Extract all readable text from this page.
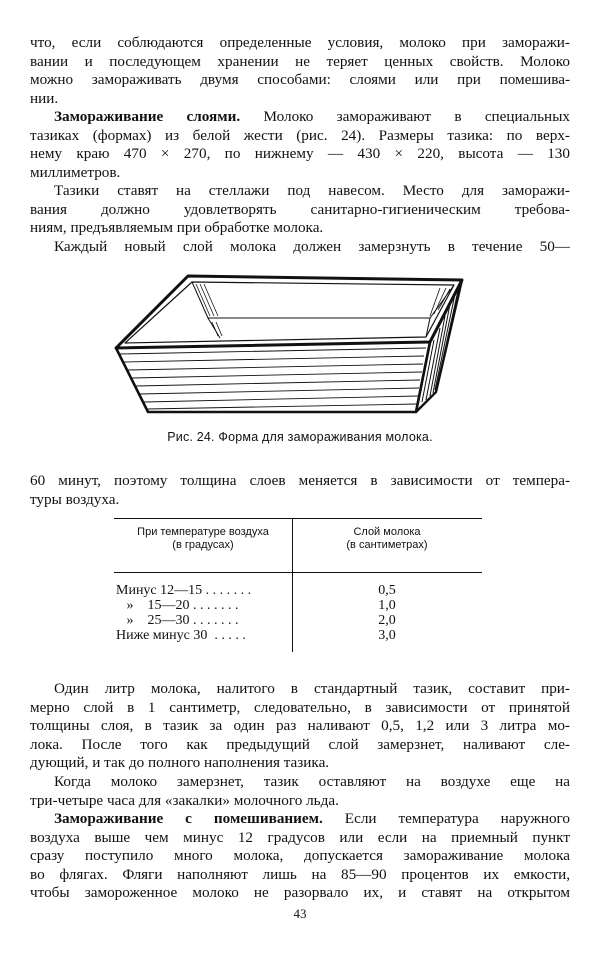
что, если соблюдаются определенные условия, молоко при заморажи-
вании и последующем хранении не теряет ценных свойств. Молоко
можно замораживать двумя способами: слоями или при помешива-
нии.
Замораживание слоями. Молоко замораживают в специальных
тазиках (формах) из белой жести (рис. 24). Размеры тазика: по верх-
нему краю 470 × 270, по нижнему — 430 × 220, высота — 130
миллиметров.
Тазики ставят на стеллажи под навесом. Место для заморажи-
вания должно удовлетворять санитарно-гигиеническим требова-
ниям, предъявляемым при обработке молока.
Каждый новый слой молока должен замерзнуть в течение 50—
Рис. 24. Форма для замораживания молока.
60 минут, поэтому толщина слоев меняется в зависимости от темпера-
туры воздуха.
При температуре воздуха
(в градусах)
Слой молока
(в сантиметрах)
Минус 12—15 . . . . . . .	0,5
»    15—20 . . . . . . .	1,0
»    25—30 . . . . . . .	2,0
Ниже минус 30  . . . . .	3,0
Один литр молока, налитого в стандартный тазик, составит при-
мерно слой в 1 сантиметр, следовательно, в зависимости от принятой
толщины слоя, в тазик за один раз наливают 0,5, 1,2 или 3 литра мо-
лока. После того как предыдущий слой замерзнет, наливают сле-
дующий, и так до полного наполнения тазика.
Когда молоко замерзнет, тазик оставляют на воздухе еще на
три-четыре часа для «закалки» молочного льда.
Замораживание с помешиванием. Если температура наружного
воздуха выше чем минус 12 градусов или если на приемный пункт
сразу поступило много молока, допускается замораживание молока
во флягах. Фляги наполняют лишь на 85—90 процентов их емкости,
чтобы замороженное молоко не разорвало их, и ставят на открытом
43
